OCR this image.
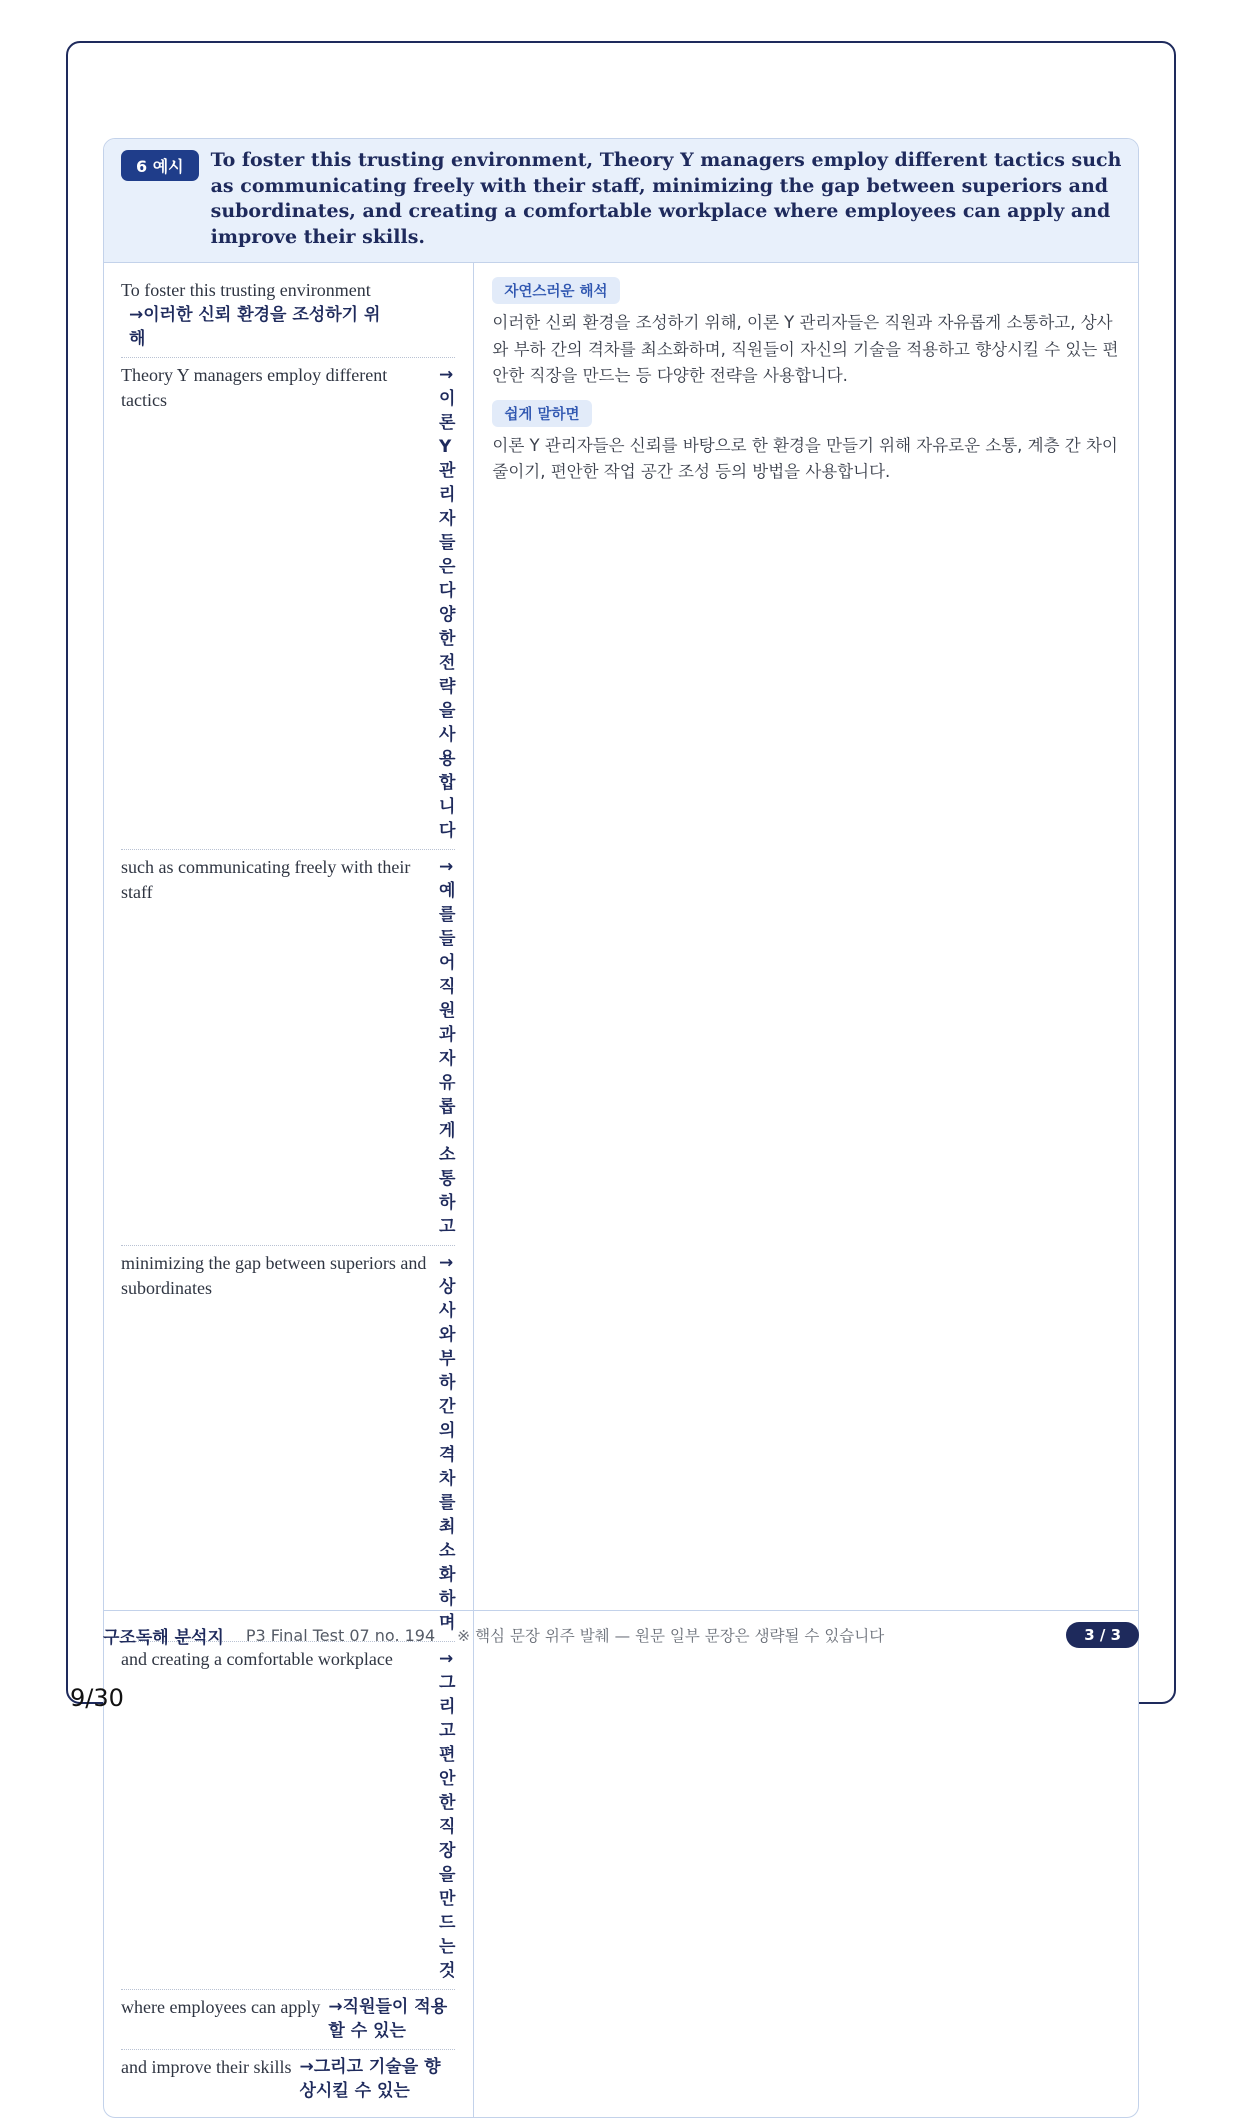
6 예시	To foster this trusting environment, Theory Y managers employ different tactics such as communicating freely with their staff, minimizing the gap between superiors and subordinates, and creating a comfortable workplace where employees can apply and improve their skills.
To foster this trusting environment
→이러한 신뢰 환경을 조성하기 위해
Theory Y managers employ different tactics
→이론 Y 관리자들은 다양한 전략을 사용합니다
such as communicating freely with their staff
→예를 들어 직원과 자유롭게 소통하고
minimizing the gap between superiors and subordinates
→상사와 부하 간의 격차를 최소화하며
and creating a comfortable workplace	→그리고 편안한 직장을 만드는 것
where employees can apply →직원들이 적용할 수 있는
and improve their skills →그리고 기술을 향상시킬 수 있는
자연스러운 해석

이러한 신뢰 환경을 조성하기 위해, 이론 Y 관리자들은 직원과 자유롭게 소통하고, 상사와 부하 간의 격차를 최소화하며, 직원들이 자신의 기술을 적용하고 향상시킬 수 있는 편안한 직장을 만드는 등 다양한 전략을 사용합니다.

쉽게 말하면

이론 Y 관리자들은 신뢰를 바탕으로 한 환경을 만들기 위해 자유로운 소통, 계층 간 차이 줄이기, 편안한 작업 공간 조성 등의 방법을 사용합니다.

구조독해 분석지 P3 Final Test 07 no. 194 ※ 핵심 문장 위주 발췌 — 원문 일부 문장은 생략될 수 있습니다	3 / 3
9/30
